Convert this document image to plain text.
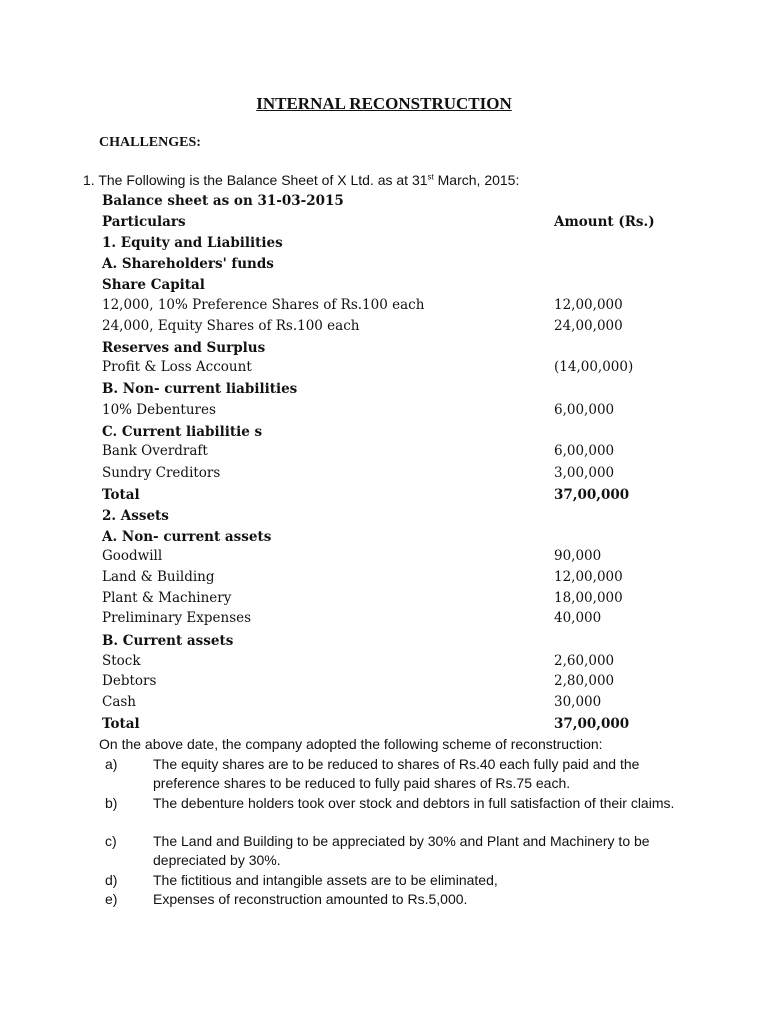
INTERNAL RECONSTRUCTION
CHALLENGES:
1. The Following is the Balance Sheet of X Ltd. as at 31st March, 2015:
Balance sheet as on 31-03-2015
Particulars	Amount (Rs.)
1. Equity and Liabilities
A. Shareholders' funds
Share Capital
12,000, 10% Preference Shares of Rs.100 each	12,00,000
24,000, Equity Shares of Rs.100 each	24,00,000
Reserves and Surplus
Profit & Loss Account	(14,00,000)
B. Non- current liabilities
10% Debentures	6,00,000
C. Current liabilitie s
Bank Overdraft	6,00,000
Sundry Creditors	3,00,000
Total	37,00,000
2. Assets
A. Non- current assets
Goodwill	90,000
Land & Building	12,00,000
Plant & Machinery	18,00,000
Preliminary Expenses	40,000
B. Current assets
Stock	2,60,000
Debtors	2,80,000
Cash	30,000
Total	37,00,000
On the above date, the company adopted the following scheme of reconstruction:
a)	The equity shares are to be reduced to shares of Rs.40 each fully paid and the preference shares to be reduced to fully paid shares of Rs.75 each.
b)	The debenture holders took over stock and debtors in full satisfaction of their claims.
c)	The Land and Building to be appreciated by 30% and Plant and Machinery to be depreciated by 30%.
d)	The fictitious and intangible assets are to be eliminated,
e)	Expenses of reconstruction amounted to Rs.5,000.
